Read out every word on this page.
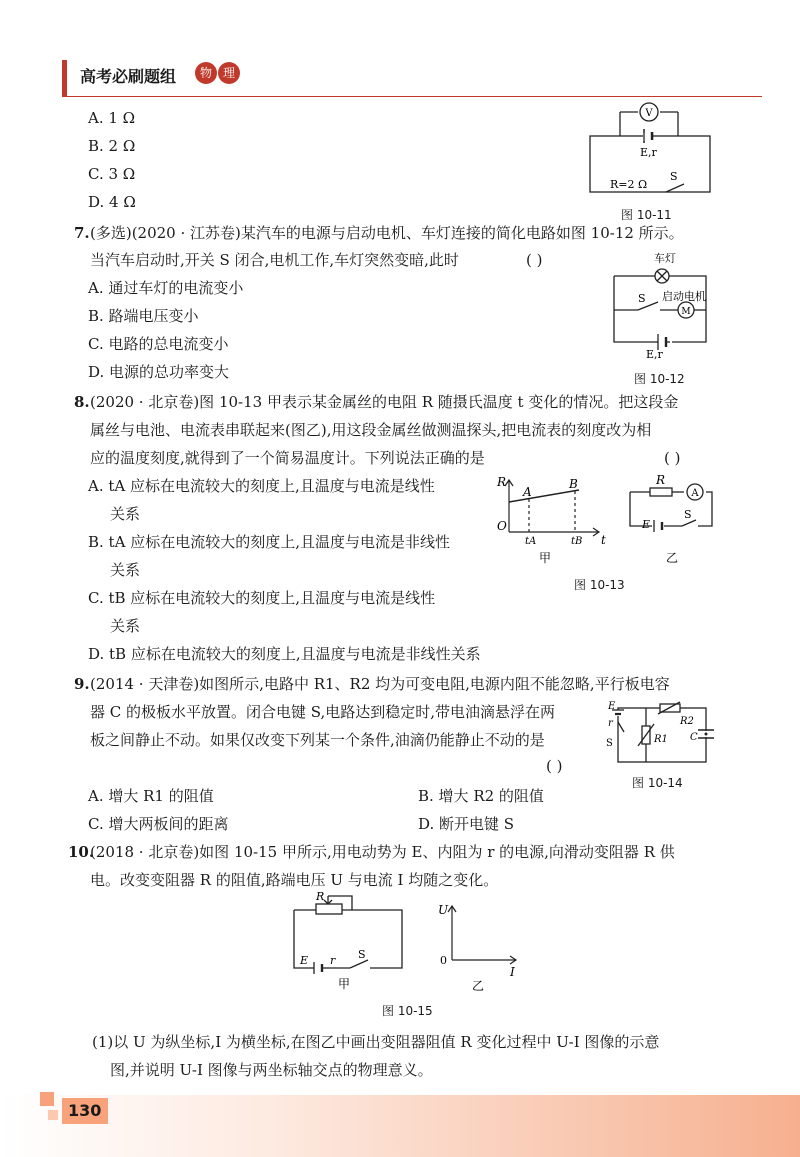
高考必刷题组	物 理
A. 1 Ω
B. 2 Ω
C. 3 Ω
D. 4 Ω
V
E,r
R=2 Ω
S
图 10-11
7. (多选)(2020 · 江苏卷)某汽车的电源与启动电机、车灯连接的简化电路如图 10-12 所示。
当汽车启动时,开关 S 闭合,电机工作,车灯突然变暗,此时	( )
A. 通过车灯的电流变小
B. 路端电压变小
C. 电路的总电流变小
D. 电源的总功率变大
车灯
启动电机
M
S
E,r
图 10-12
8. (2020 · 北京卷)图 10-13 甲表示某金属丝的电阻 R 随摄氏温度 t 变化的情况。把这段金
属丝与电池、电流表串联起来(图乙),用这段金属丝做测温探头,把电流表的刻度改为相
应的温度刻度,就得到了一个简易温度计。下列说法正确的是	( )
A. tA 应标在电流较大的刻度上,且温度与电流是线性
关系
B. tA 应标在电流较大的刻度上,且温度与电流是非线性
关系
C. tB 应标在电流较大的刻度上,且温度与电流是线性
关系
D. tB 应标在电流较大的刻度上,且温度与电流是非线性关系
R
t
O
A
B
tA	tB
甲
R
A
E
S
乙
图 10-13
9. (2014 · 天津卷)如图所示,电路中 R1、R2 均为可变电阻,电源内阻不能忽略,平行板电容
器 C 的极板水平放置。闭合电键 S,电路达到稳定时,带电油滴悬浮在两
板之间静止不动。如果仅改变下列某一个条件,油滴仍能静止不动的是
( )
A. 增大 R1 的阻值	B. 增大 R2 的阻值
C. 增大两板间的距离	D. 断开电键 S
E
r
S	R1
R2
C
图 10-14
10.
(2018 · 北京卷)如图 10-15 甲所示,用电动势为 E、内阻为 r 的电源,向滑动变阻器 R 供
电。改变变阻器 R 的阻值,路端电压 U 与电流 I 均随之变化。
R
E r S
甲
U
I
0
乙
图 10-15
(1)以 U 为纵坐标,I 为横坐标,在图乙中画出变阻器阻值 R 变化过程中 U-I 图像的示意
图,并说明 U-I 图像与两坐标轴交点的物理意义。
130
